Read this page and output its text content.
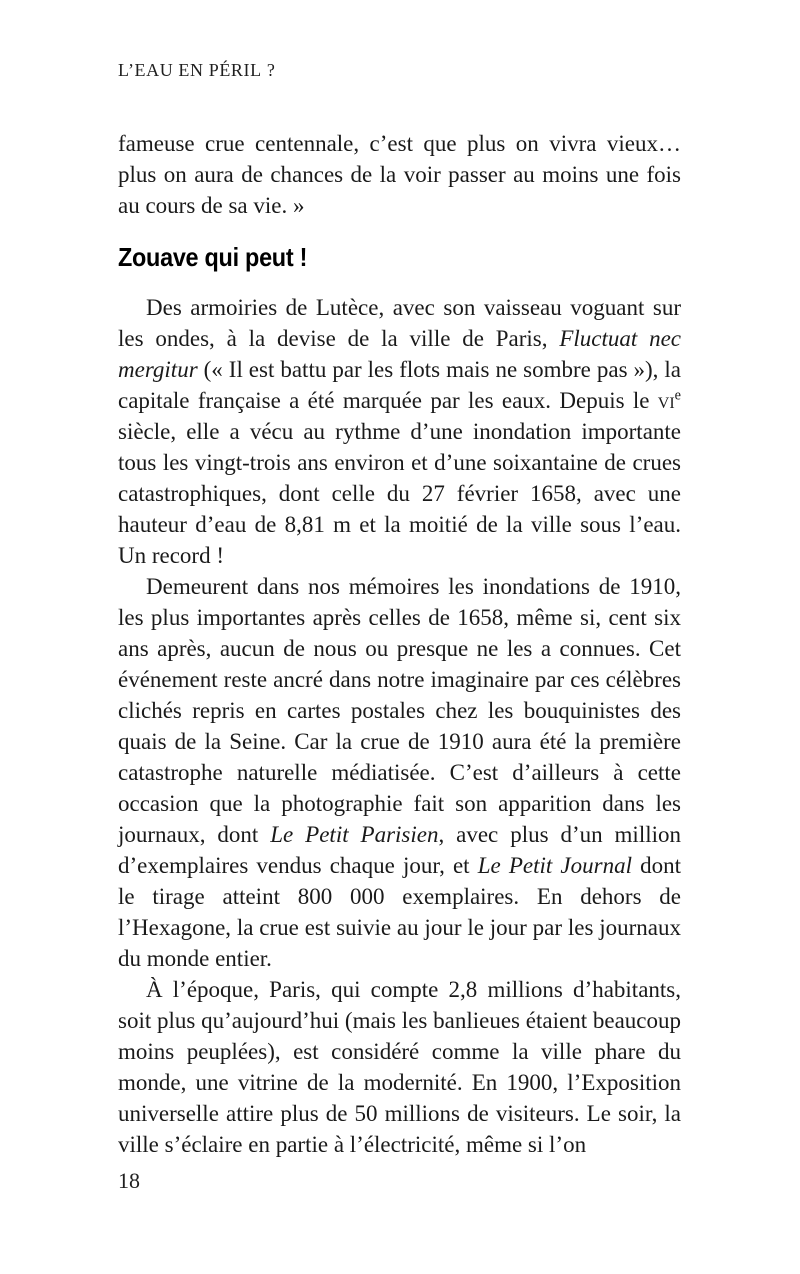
L’EAU EN PÉRIL ?

fameuse crue centennale, c’est que plus on vivra vieux… plus on aura de chances de la voir passer au moins une fois au cours de sa vie. »

Zouave qui peut !

Des armoiries de Lutèce, avec son vaisseau voguant sur les ondes, à la devise de la ville de Paris, Fluctuat nec mergitur (« Il est battu par les flots mais ne sombre pas »), la capitale française a été marquée par les eaux. Depuis le $vi^e$ siècle, elle a vécu au rythme d’une inondation importante tous les vingt-trois ans environ et d’une soixantaine de crues catastrophiques, dont celle du 27 février 1658, avec une hauteur d’eau de 8,81 m et la moitié de la ville sous l’eau. Un record !

Demeurent dans nos mémoires les inondations de 1910, les plus importantes après celles de 1658, même si, cent six ans après, aucun de nous ou presque ne les a connues. Cet événement reste ancré dans notre imaginaire par ces célèbres clichés repris en cartes postales chez les bouquinistes des quais de la Seine. Car la crue de 1910 aura été la première catastrophe naturelle médiatisée. C’est d’ailleurs à cette occasion que la photographie fait son apparition dans les journaux, dont Le Petit Parisien, avec plus d’un million d’exemplaires vendus chaque jour, et Le Petit Journal dont le tirage atteint 800 000 exemplaires. En dehors de l’Hexagone, la crue est suivie au jour le jour par les journaux du monde entier.

À l’époque, Paris, qui compte 2,8 millions d’habitants, soit plus qu’aujourd’hui (mais les banlieues étaient beaucoup moins peuplées), est considéré comme la ville phare du monde, une vitrine de la modernité. En 1900, l’Exposition universelle attire plus de 50 millions de visiteurs. Le soir, la ville s’éclaire en partie à l’électricité, même si l’on

18
